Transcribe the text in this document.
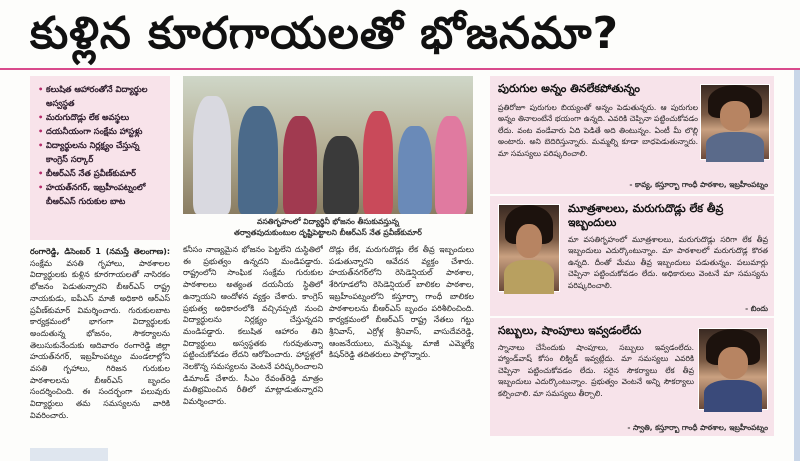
కుళ్లిన కూరగాయలతో భోజనమా?
• కలుషిత ఆహారంతోనే విద్యార్థుల అస్వస్థత
• మరుగుదొడ్లు లేక అవస్థలు
• దయనీయంగా సంక్షేమ హాస్టళ్లు
• విద్యార్థులను నిర్లక్ష్యం చేస్తున్న కాంగ్రెస్ సర్కార్
• బీఆర్ఎస్ నేత ప్రవీణ్‌కుమార్
• హయత్‌నగర్, ఇబ్రహీంపట్నంలో బీఆర్ఎస్ గురుకుల బాట
వసతిగృహంలో విద్యార్థినీ భోజనం తీసుకువస్తున్న
తర్వాతపుదుకుంటుల దృష్టిపెట్టాలని బీఆర్ఎస్ నేత ప్రవీణ్‌కుమార్
రంగారెడ్డి, డిసెంబర్ 1 (నమస్తే తెలంగాణ): సంక్షేమ వసతి గృహాలు, పాఠశాలల విద్యార్థులకు కుళ్లిన కూరగాయలతో నాసిరకం భోజనం పెడుతున్నారని బీఆర్ఎస్ రాష్ట్ర నాయకుడు, ఐపీఎస్ మాజీ అధికారి ఆర్ఎస్ ప్రవీణ్‌కుమార్ విమర్శించారు. గురుకులబాట కార్యక్రమంలో భాగంగా విద్యార్థులకు అందుతున్న భోజనం, సౌకర్యాలను తెలుసుకునేందుకు ఆదివారం రంగారెడ్డి జిల్లా హయత్‌నగర్, ఇబ్రహీంపట్నం మండలాల్లోని వసతి గృహాలు, గిరిజన గురుకుల పాఠశాలలను బీఆర్ఎస్ బృందం సందర్శించింది. ఈ సందర్భంగా పలువురు విద్యార్థులు తమ సమస్యలను వారికి వివరించారు.
కనీసం నాణ్యమైన భోజనం పెట్టలేని దుస్థితిలో ఈ ప్రభుత్వం ఉన్నదని మండిపడ్డారు. రాష్ట్రంలోని సాంఘిక సంక్షేమ గురుకుల పాఠశాలలు అత్యంత దయనీయ స్థితిలో ఉన్నాయని ఆందోళన వ్యక్తం చేశారు. కాంగ్రెస్ ప్రభుత్వ అధికారంలోకి వచ్చినప్పటి నుంచి విద్యార్థులను నిర్లక్ష్యం చేస్తున్నదని మండిపడ్డారు. కలుషిత ఆహారం తిని విద్యార్థులు అస్వస్థతకు గురవుతున్నా పట్టించుకోవడం లేదని ఆరోపించారు. హాస్టళ్లలో నెలకొన్న సమస్యలను వెంటనే పరిష్కరించాలని డిమాండ్ చేశారు. సీఎం రేవంత్‌రెడ్డి మాత్రం మతిభ్రమించిన రీతిలో మాట్లాడుతున్నారని విమర్శించారు.
దొడ్లు లేక, మరుగుదొడ్లు లేక తీవ్ర ఇబ్బందులు పడుతున్నారని ఆవేదన వ్యక్తం చేశారు. హయత్‌నగర్‌లోని రెసిడెన్షియల్ పాఠశాల, శేరిగూడలోని రెసిడెన్షియల్ బాలికల పాఠశాల, ఇబ్రహీంపట్నంలోని కస్తూర్బా గాంధీ బాలికల పాఠశాలలను బీఆర్ఎస్ బృందం పరిశీలించింది. కార్యక్రమంలో బీఆర్ఎస్ రాష్ట్ర నేతలు గట్టు శ్రీనివాస్, ఎర్రోళ్ల శ్రీనివాస్, వాసుదేవరెడ్డి, ఆంజనేయులు, మన్నెమ్మ, మాజీ ఎమ్మెల్యే కిషన్‌రెడ్డి తదితరులు పాల్గొన్నారు.
పురుగుల అన్నం తినలేకపోతున్నం
ప్రతిరోజూ పురుగుల బియ్యంతో అన్నం పెడుతున్నరు. ఆ పురుగుల అన్నం తినాలంటేనే భయంగా ఉన్నది. ఎవరికి చెప్పినా పట్టించుకోవడం లేదు. వంట వండేవారు ఏది పెడితే అది తింటున్నం. ఏంటీ మీ లొల్లి అంటారు. అని బెదిరిస్తున్నారు. మమ్మల్ని కూడా బాధపెడుతున్నారు. మా సమస్యలు పరిష్కరించాలి.
- కావ్య, కస్తూర్బా గాంధీ పాఠశాల, ఇబ్రహీంపట్నం
మూత్రశాలలు, మరుగుదొడ్లు లేక తీవ్ర ఇబ్బందులు
మా వసతిగృహంలో మూత్రశాలలు, మరుగుదొడ్లు సరిగా లేక తీవ్ర ఇబ్బందులు ఎదుర్కొంటున్నాం. మా పాఠశాలలో మరుగుదొడ్ల కొరత ఉన్నది. దీంతో మేము తీవ్ర ఇబ్బందులు పడుతున్నం. పలుమార్లు చెప్పినా పట్టించుకోవడం లేదు. అధికారులు వెంటనే మా సమస్యను పరిష్కరించాలి.
- బిందు
సబ్బులు, షాంపూలు ఇవ్వడంలేదు
స్నానాలు చేసేందుకు షాంపూలు, సబ్బులు ఇవ్వడంలేదు. హ్యాండ్‌వాష్ కోసం లిక్విడ్ ఇవ్వట్లేదు. మా సమస్యలు ఎవరికి చెప్పినా పట్టించుకోవడం లేదు. సరైన సౌకర్యాలు లేక తీవ్ర ఇబ్బందులు ఎదుర్కొంటున్నాం. ప్రభుత్వం వెంటనే అన్ని సౌకర్యాలు కల్పించాలి. మా సమస్యలు తీర్చాలి.
- స్వాతి, కస్తూర్బా గాంధీ పాఠశాల, ఇబ్రహీంపట్నం
